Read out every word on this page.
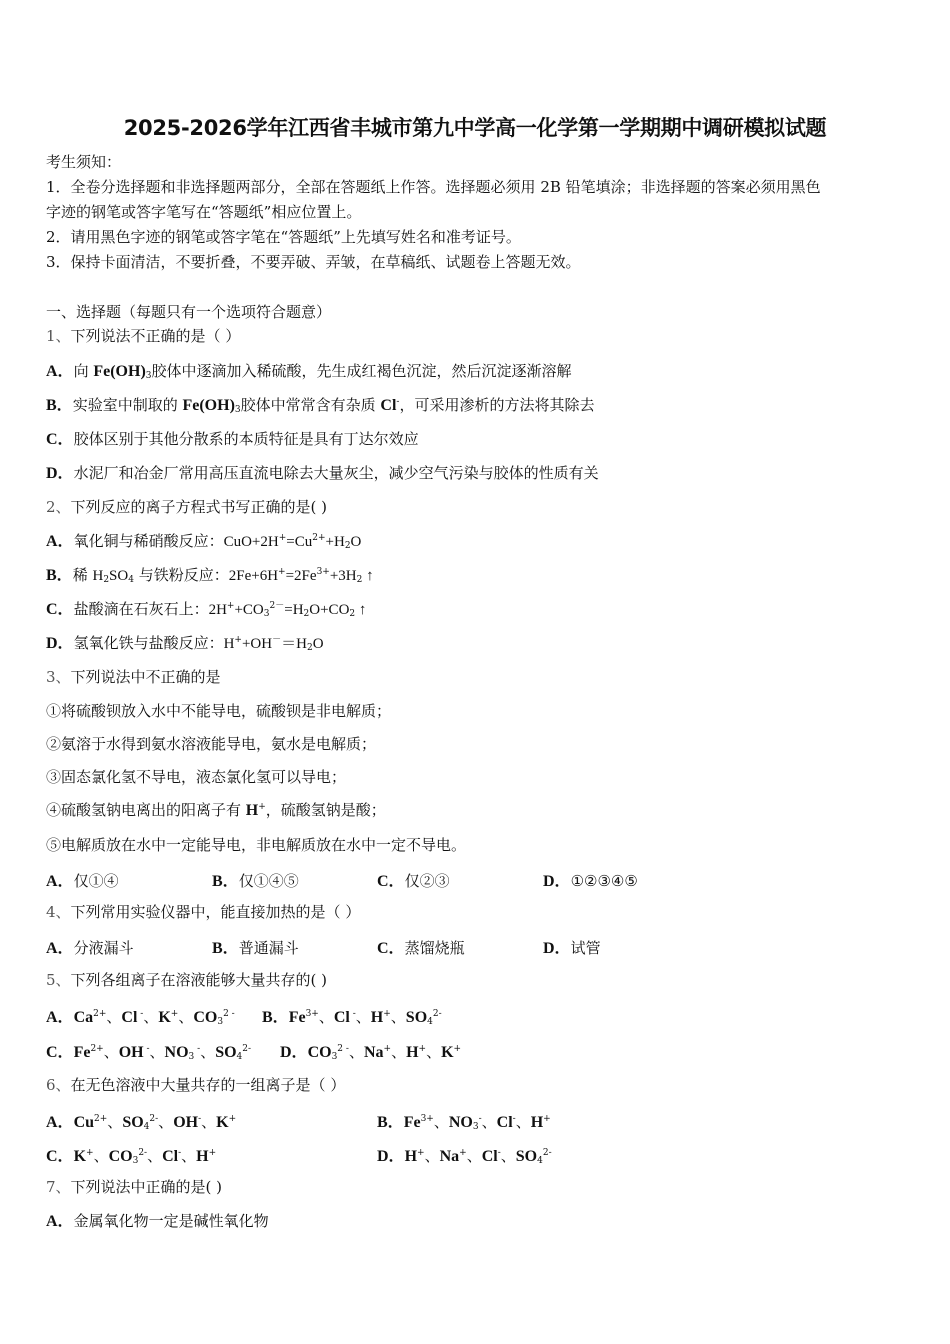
2025-2026学年江西省丰城市第九中学高一化学第一学期期中调研模拟试题
考生须知：
1．全卷分选择题和非选择题两部分，全部在答题纸上作答。选择题必须用 2B 铅笔填涂；非选择题的答案必须用黑色
字迹的钢笔或答字笔写在“答题纸”相应位置上。
2．请用黑色字迹的钢笔或答字笔在“答题纸”上先填写姓名和准考证号。
3．保持卡面清洁，不要折叠，不要弄破、弄皱，在草稿纸、试题卷上答题无效。
一、选择题（每题只有一个选项符合题意）
1、下列说法不正确的是（ ）
A．向 $Fe(OH)_3$胶体中逐滴加入稀硫酸，先生成红褐色沉淀，然后沉淀逐渐溶解
B．实验室中制取的 $Fe(OH)_3$胶体中常常含有杂质 Cl-，可采用渗析的方法将其除去
C．胶体区别于其他分散系的本质特征是具有丁达尔效应
D．水泥厂和冶金厂常用高压直流电除去大量灰尘，减少空气污染与胶体的性质有关
2、下列反应的离子方程式书写正确的是( )
A．氧化铜与稀硝酸反应：$CuO+2H^+=Cu^{2+}+H_2O$
B．稀 $H_2SO_4$ 与铁粉反应：$2Fe+6H^+=2Fe^{3+}+3H_2$ ↑
C．盐酸滴在石灰石上：$2H^++CO_3^{2-}=H_2O+CO_2$ ↑
D．氢氧化铁与盐酸反应：$H^++OH^-=H_2O$
3、下列说法中不正确的是
①将硫酸钡放入水中不能导电，硫酸钡是非电解质；
②氨溶于水得到氨水溶液能导电，氨水是电解质；
③固态氯化氢不导电，液态氯化氢可以导电；
④硫酸氢钠电离出的阳离子有 H+，硫酸氢钠是酸；
⑤电解质放在水中一定能导电，非电解质放在水中一定不导电。
A．仅①④	B．仅①④⑤	C．仅②③	D．①②③④⑤
4、下列常用实验仪器中，能直接加热的是（ ）
A．分液漏斗	B．普通漏斗	C．蒸馏烧瓶	D．试管
5、下列各组离子在溶液能够大量共存的( )
A．$Ca^{2+}$、Cl -、K+、$CO_3^{2 -}$ B．$Fe^{3+}$、Cl -、H+、$SO_4^{2-}$
C．$Fe^{2+}$、OH -、$NO_3$ -、$SO_4^{2-}$ D．$CO_3^{2 -}$、Na+、H+、K+
6、在无色溶液中大量共存的一组离子是（ ）
A．$Cu^{2+}$、$SO_4^{2-}$、OH-、K+	B．$Fe^{3+}$、$NO_3^-$、Cl-、H+
C．K+、$CO_3^{2-}$、Cl-、H+	D．H+、Na+、Cl-、$SO_4^{2-}$
7、下列说法中正确的是( )
A．金属氧化物一定是碱性氧化物
